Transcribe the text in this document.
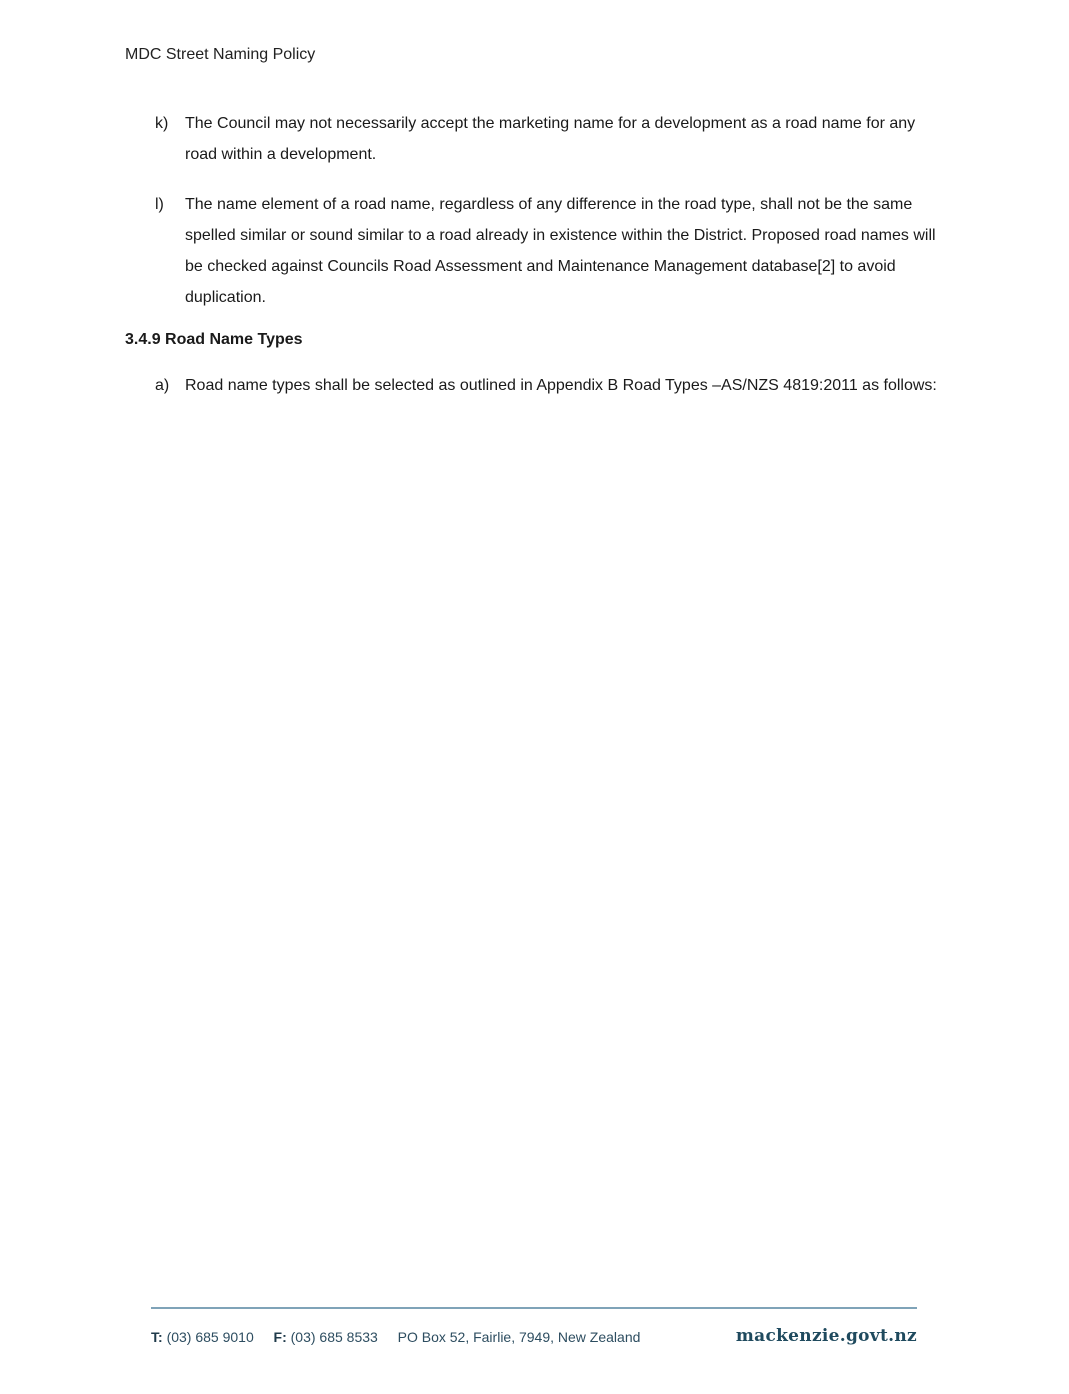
MDC Street Naming Policy
k) The Council may not necessarily accept the marketing name for a development as a road name for any road within a development.
l) The name element of a road name, regardless of any difference in the road type, shall not be the same spelled similar or sound similar to a road already in existence within the District. Proposed road names will be checked against Councils Road Assessment and Maintenance Management database[2] to avoid duplication.
3.4.9 Road Name Types
a) Road name types shall be selected as outlined in Appendix B Road Types –AS/NZS 4819:2011 as follows:
T: (03) 685 9010 F: (03) 685 8533 PO Box 52, Fairlie, 7949, New Zealand	mackenzie.govt.nz
